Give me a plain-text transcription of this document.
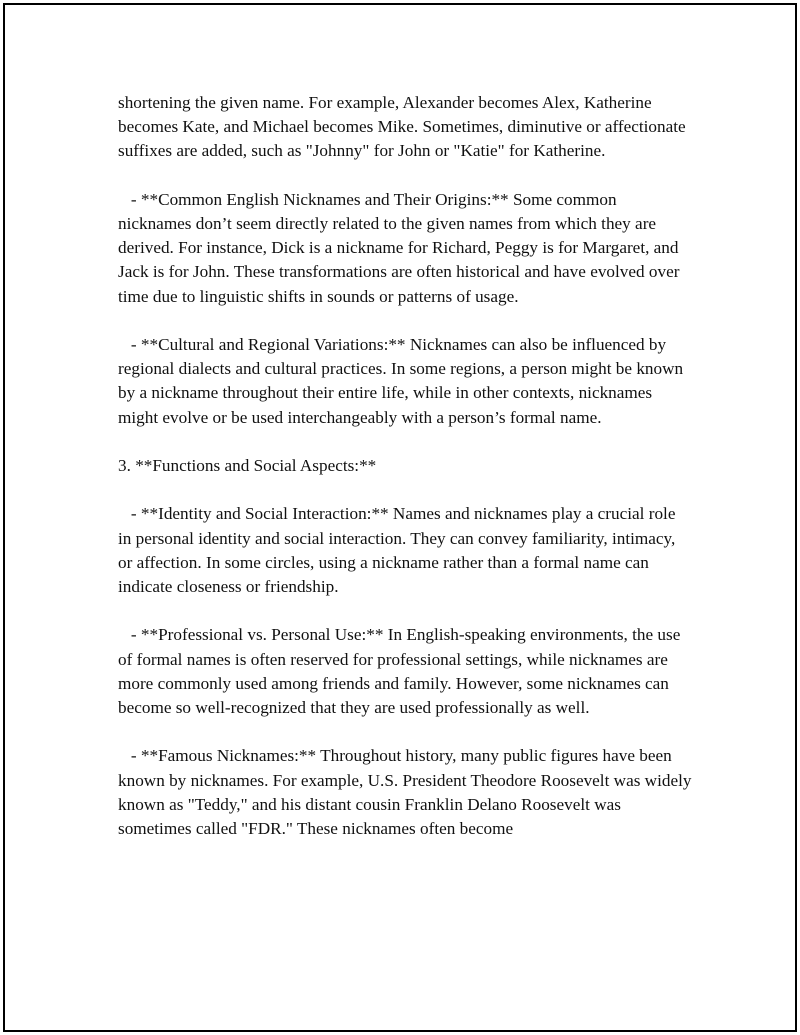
shortening the given name. For example, Alexander becomes Alex, Katherine becomes Kate, and Michael becomes Mike. Sometimes, diminutive or affectionate suffixes are added, such as "Johnny" for John or "Katie" for Katherine.

- **Common English Nicknames and Their Origins:** Some common nicknames don’t seem directly related to the given names from which they are derived. For instance, Dick is a nickname for Richard, Peggy is for Margaret, and Jack is for John. These transformations are often historical and have evolved over time due to linguistic shifts in sounds or patterns of usage.

- **Cultural and Regional Variations:** Nicknames can also be influenced by regional dialects and cultural practices. In some regions, a person might be known by a nickname throughout their entire life, while in other contexts, nicknames might evolve or be used interchangeably with a person’s formal name.

3. **Functions and Social Aspects:**

- **Identity and Social Interaction:** Names and nicknames play a crucial role in personal identity and social interaction. They can convey familiarity, intimacy, or affection. In some circles, using a nickname rather than a formal name can indicate closeness or friendship.

- **Professional vs. Personal Use:** In English-speaking environments, the use of formal names is often reserved for professional settings, while nicknames are more commonly used among friends and family. However, some nicknames can become so well-recognized that they are used professionally as well.

- **Famous Nicknames:** Throughout history, many public figures have been known by nicknames. For example, U.S. President Theodore Roosevelt was widely known as "Teddy," and his distant cousin Franklin Delano Roosevelt was sometimes called "FDR." These nicknames often become
